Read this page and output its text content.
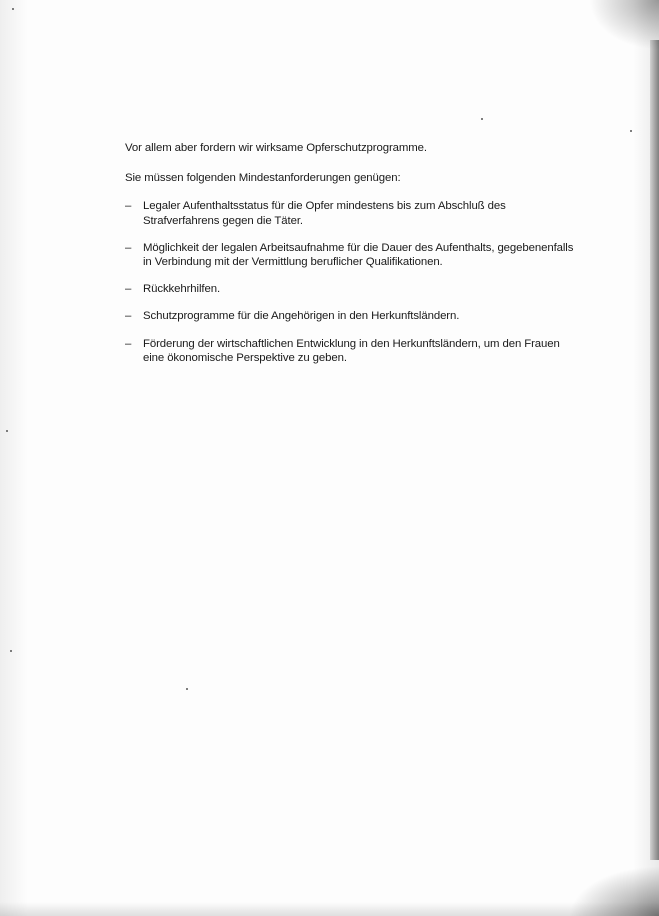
Vor allem aber fordern wir wirksame Opferschutzprogramme.

Sie müssen folgenden Mindestanforderungen genügen:

–	Legaler Aufenthaltsstatus für die Opfer mindestens bis zum Abschluß des Strafverfahrens gegen die Täter.
–	Möglichkeit der legalen Arbeitsaufnahme für die Dauer des Aufenthalts, gegebenenfalls in Verbindung mit der Vermittlung beruflicher Qualifikationen.
–	Rückkehrhilfen.
–	Schutzprogramme für die Angehörigen in den Herkunftsländern.
–	Förderung der wirtschaftlichen Entwicklung in den Herkunftsländern, um den Frauen eine ökonomische Perspektive zu geben.
